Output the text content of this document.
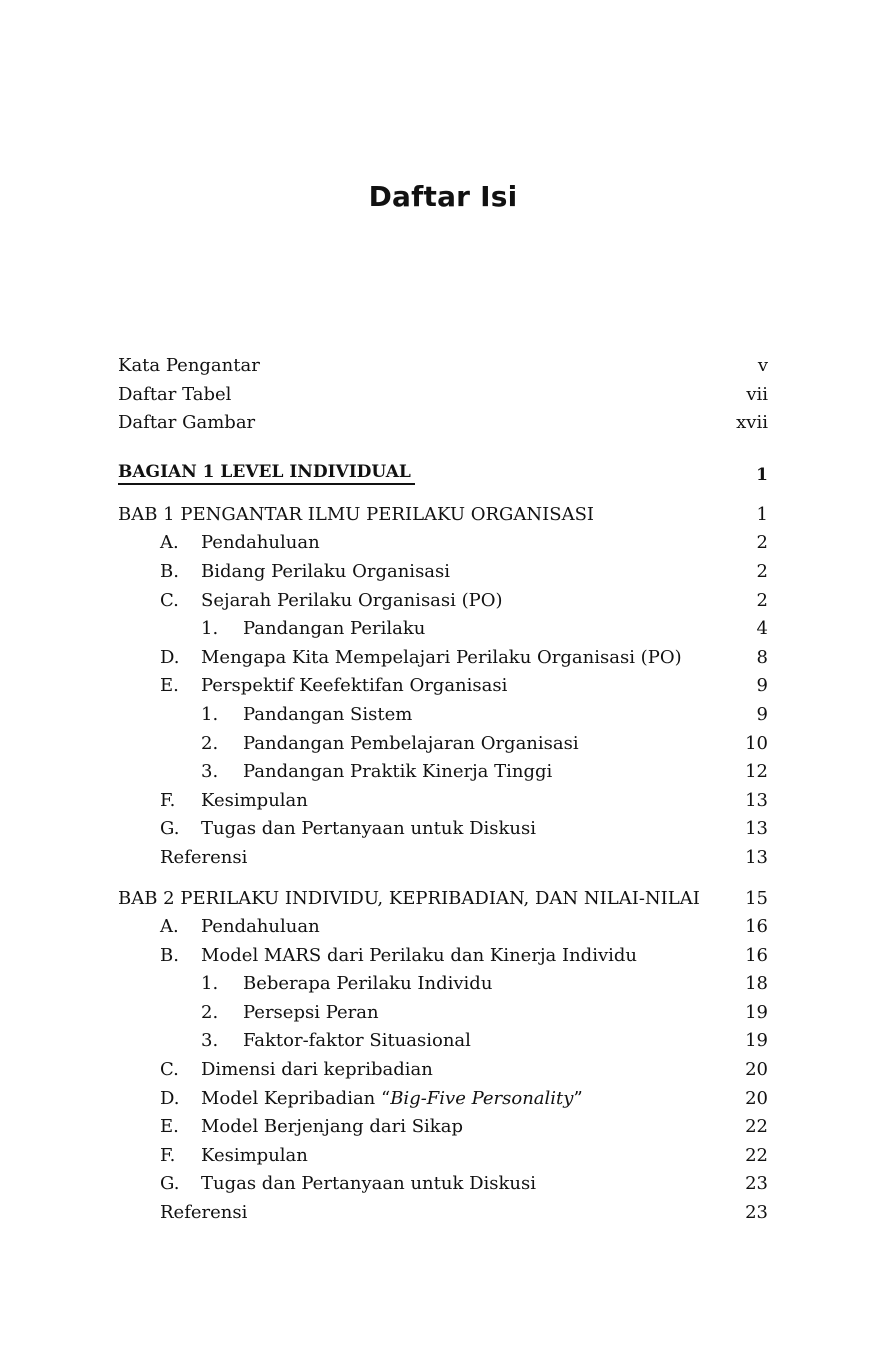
Daftar Isi
Kata Pengantar	v
Daftar Tabel	vii
Daftar Gambar	xvii
BAGIAN 1 LEVEL INDIVIDUAL	1
BAB 1 PENGANTAR ILMU PERILAKU ORGANISASI	1
A. Pendahuluan	2
B. Bidang Perilaku Organisasi	2
C. Sejarah Perilaku Organisasi (PO)	2
1. Pandangan Perilaku	4
D. Mengapa Kita Mempelajari Perilaku Organisasi (PO)	8
E. Perspektif Keefektifan Organisasi	9
1. Pandangan Sistem	9
2. Pandangan Pembelajaran Organisasi	10
3. Pandangan Praktik Kinerja Tinggi	12
F. Kesimpulan	13
G. Tugas dan Pertanyaan untuk Diskusi	13
Referensi	13
BAB 2 PERILAKU INDIVIDU, KEPRIBADIAN, DAN NILAI-NILAI	15
A. Pendahuluan	16
B. Model MARS dari Perilaku dan Kinerja Individu	16
1. Beberapa Perilaku Individu	18
2. Persepsi Peran	19
3. Faktor-faktor Situasional	19
C. Dimensi dari kepribadian	20
D. Model Kepribadian “Big-Five Personality”	20
E. Model Berjenjang dari Sikap	22
F. Kesimpulan	22
G. Tugas dan Pertanyaan untuk Diskusi	23
Referensi	23
